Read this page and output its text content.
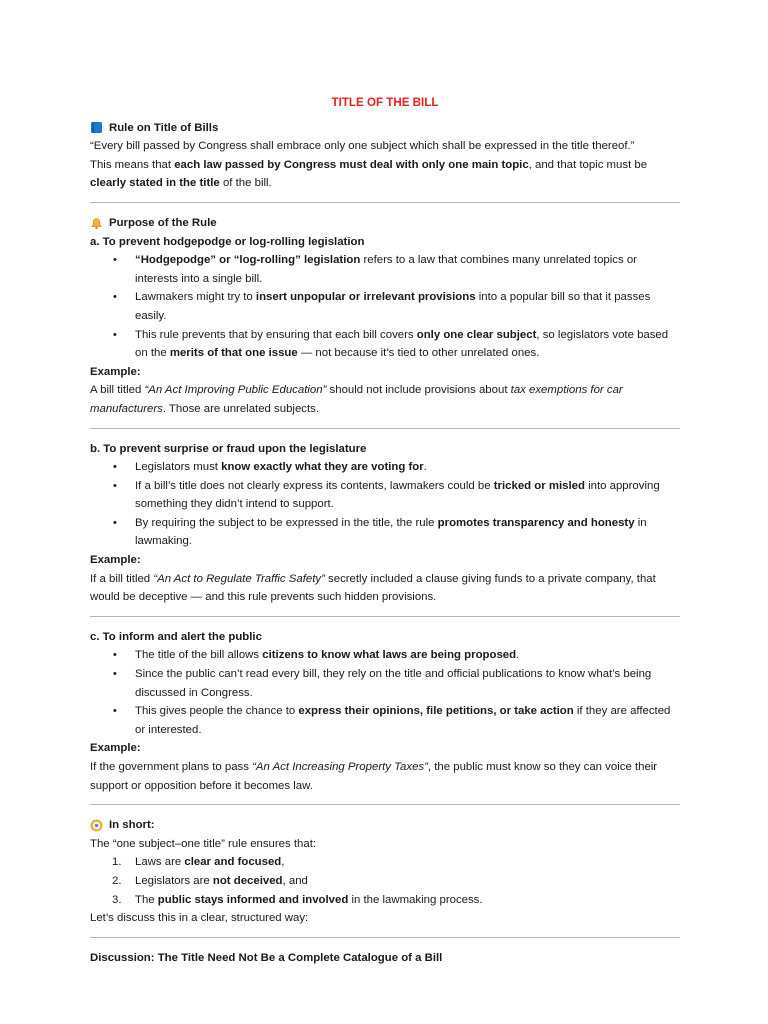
TITLE OF THE BILL

Rule on Title of Bills

“Every bill passed by Congress shall embrace only one subject which shall be expressed in the title thereof.”

This means that each law passed by Congress must deal with only one main topic, and that topic must be clearly stated in the title of the bill.

Purpose of the Rule

a. To prevent hodgepodge or log-rolling legislation

• “Hodgepodge” or “log-rolling” legislation refers to a law that combines many unrelated topics or interests into a single bill.
• Lawmakers might try to insert unpopular or irrelevant provisions into a popular bill so that it passes easily.
• This rule prevents that by ensuring that each bill covers only one clear subject, so legislators vote based on the merits of that one issue — not because it’s tied to other unrelated ones.

Example:

A bill titled “An Act Improving Public Education” should not include provisions about tax exemptions for car manufacturers. Those are unrelated subjects.

b. To prevent surprise or fraud upon the legislature

• Legislators must know exactly what they are voting for.
• If a bill’s title does not clearly express its contents, lawmakers could be tricked or misled into approving something they didn’t intend to support.
• By requiring the subject to be expressed in the title, the rule promotes transparency and honesty in lawmaking.

Example:

If a bill titled “An Act to Regulate Traffic Safety” secretly included a clause giving funds to a private company, that would be deceptive — and this rule prevents such hidden provisions.

c. To inform and alert the public

• The title of the bill allows citizens to know what laws are being proposed.
• Since the public can’t read every bill, they rely on the title and official publications to know what’s being discussed in Congress.
• This gives people the chance to express their opinions, file petitions, or take action if they are affected or interested.

Example:

If the government plans to pass “An Act Increasing Property Taxes”, the public must know so they can voice their support or opposition before it becomes law.

In short:

The “one subject–one title” rule ensures that:

1. Laws are clear and focused,
2. Legislators are not deceived, and
3. The public stays informed and involved in the lawmaking process.

Let’s discuss this in a clear, structured way:

Discussion: The Title Need Not Be a Complete Catalogue of a Bill
